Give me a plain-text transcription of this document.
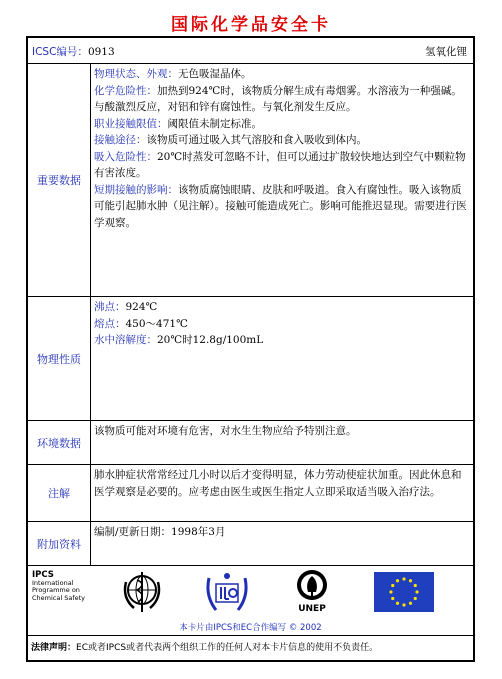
国际化学品安全卡
ICSC编号：0913	氢氧化锂
重要数据
物理状态、外观：无色吸湿晶体。
化学危险性：加热到924℃时，该物质分解生成有毒烟雾。水溶液为一种强碱。与酸激烈反应，对铝和锌有腐蚀性。与氧化剂发生反应。
职业接触限值：阈限值未制定标准。
接触途径：该物质可通过吸入其气溶胶和食入吸收到体内。
吸入危险性：20℃时蒸发可忽略不计，但可以通过扩散较快地达到空气中颗粒物有害浓度。
短期接触的影响：该物质腐蚀眼睛、皮肤和呼吸道。食入有腐蚀性。吸入该物质可能引起肺水肿（见注解）。接触可能造成死亡。影响可能推迟显现。需要进行医学观察。
物理性质
沸点：924℃
熔点：450～471℃
水中溶解度：20℃时12.8g/100mL
环境数据
该物质可能对环境有危害，对水生生物应给予特别注意。
注解
肺水肿症状常常经过几小时以后才变得明显，体力劳动使症状加重。因此休息和医学观察是必要的。应考虑由医生或医生指定人立即采取适当吸入治疗法。
附加资料
编制/更新日期：1998年3月
IPCS
International
Programme on
Chemical Safety
UNEP
本卡片由IPCS和EC合作编写 © 2002
法律声明：EC或者IPCS或者代表两个组织工作的任何人对本卡片信息的使用不负责任。
